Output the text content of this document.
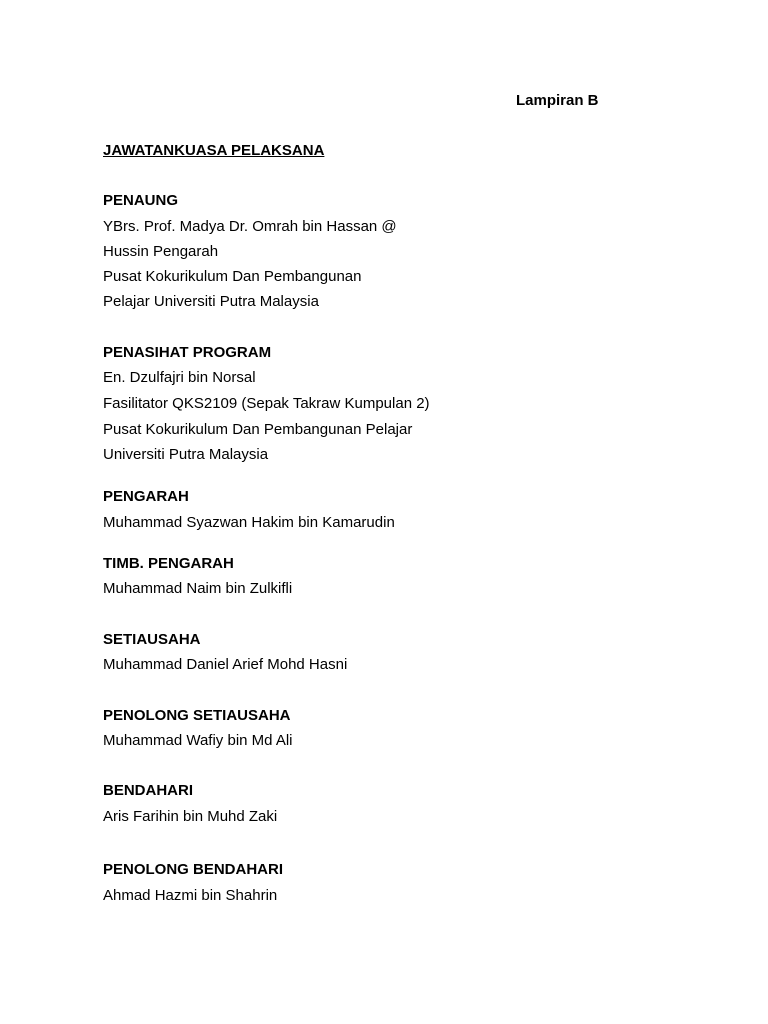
Lampiran B

JAWATANKUASA PELAKSANA

PENAUNG

YBrs. Prof. Madya Dr. Omrah bin Hassan @

Hussin Pengarah

Pusat Kokurikulum Dan Pembangunan

Pelajar Universiti Putra Malaysia

PENASIHAT PROGRAM

En. Dzulfajri bin Norsal

Fasilitator QKS2109 (Sepak Takraw Kumpulan 2)

Pusat Kokurikulum Dan Pembangunan Pelajar

Universiti Putra Malaysia

PENGARAH

Muhammad Syazwan Hakim bin Kamarudin

TIMB. PENGARAH

Muhammad Naim bin Zulkifli

SETIAUSAHA

Muhammad Daniel Arief Mohd Hasni

PENOLONG SETIAUSAHA

Muhammad Wafiy bin Md Ali

BENDAHARI

Aris Farihin bin Muhd Zaki

PENOLONG BENDAHARI

Ahmad Hazmi bin Shahrin
